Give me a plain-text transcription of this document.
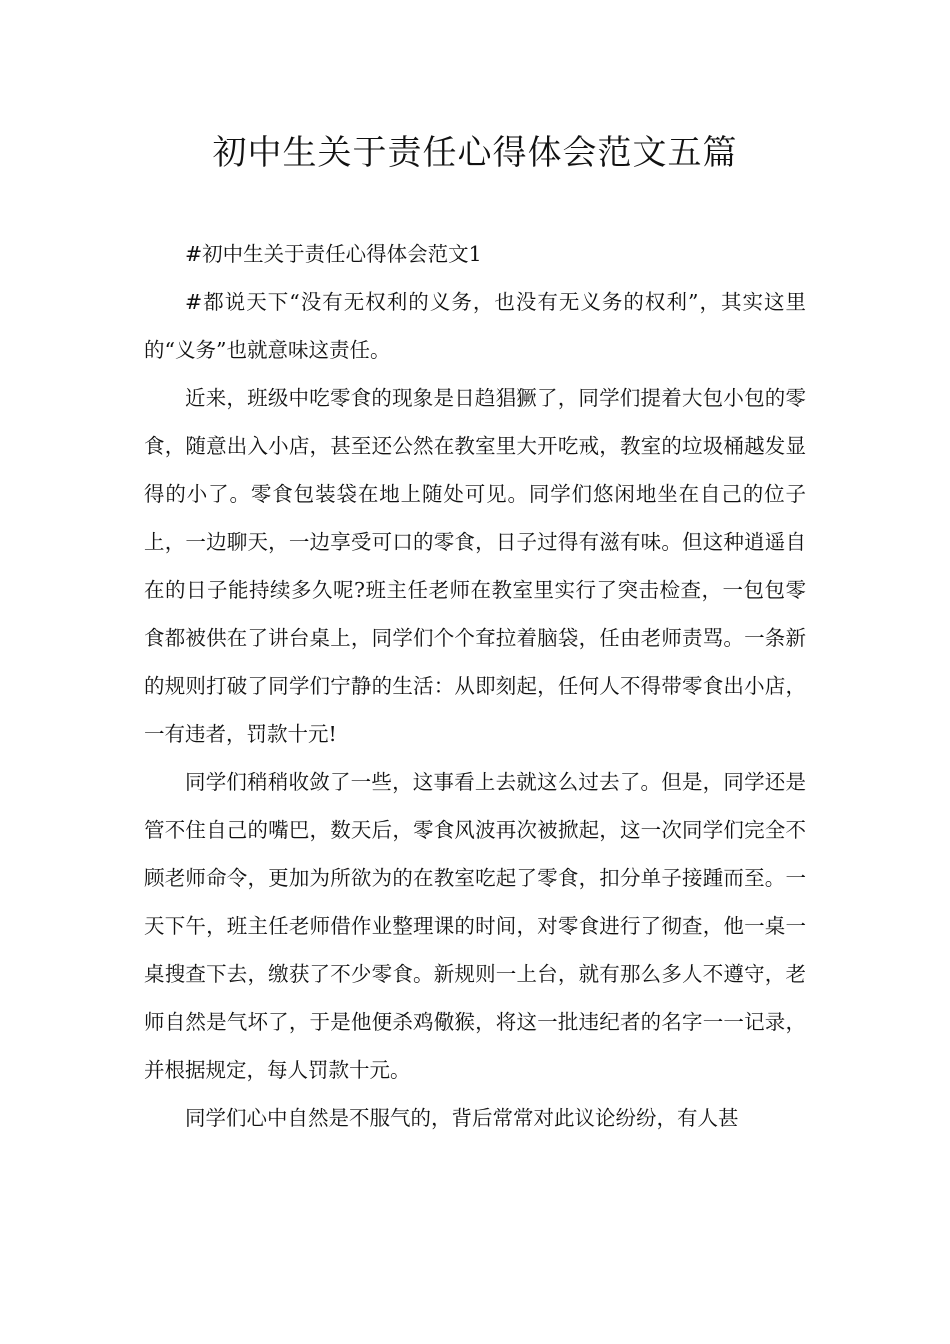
初中生关于责任心得体会范文五篇

#初中生关于责任心得体会范文1

#都说天下“没有无权利的义务，也没有无义务的权利”，其实这里的“义务”也就意味这责任。

近来，班级中吃零食的现象是日趋猖獗了，同学们提着大包小包的零食，随意出入小店，甚至还公然在教室里大开吃戒，教室的垃圾桶越发显得的小了。零食包装袋在地上随处可见。同学们悠闲地坐在自己的位子上，一边聊天，一边享受可口的零食，日子过得有滋有味。但这种逍遥自在的日子能持续多久呢?班主任老师在教室里实行了突击检查，一包包零食都被供在了讲台桌上，同学们个个耷拉着脑袋，任由老师责骂。一条新的规则打破了同学们宁静的生活：从即刻起，任何人不得带零食出小店，一有违者，罚款十元!

同学们稍稍收敛了一些，这事看上去就这么过去了。但是，同学还是管不住自己的嘴巴，数天后，零食风波再次被掀起，这一次同学们完全不顾老师命令，更加为所欲为的在教室吃起了零食，扣分单子接踵而至。一天下午，班主任老师借作业整理课的时间，对零食进行了彻查，他一桌一桌搜查下去，缴获了不少零食。新规则一上台，就有那么多人不遵守，老师自然是气坏了，于是他便杀鸡儆猴，将这一批违纪者的名字一一记录，并根据规定，每人罚款十元。

同学们心中自然是不服气的，背后常常对此议论纷纷，有人甚
